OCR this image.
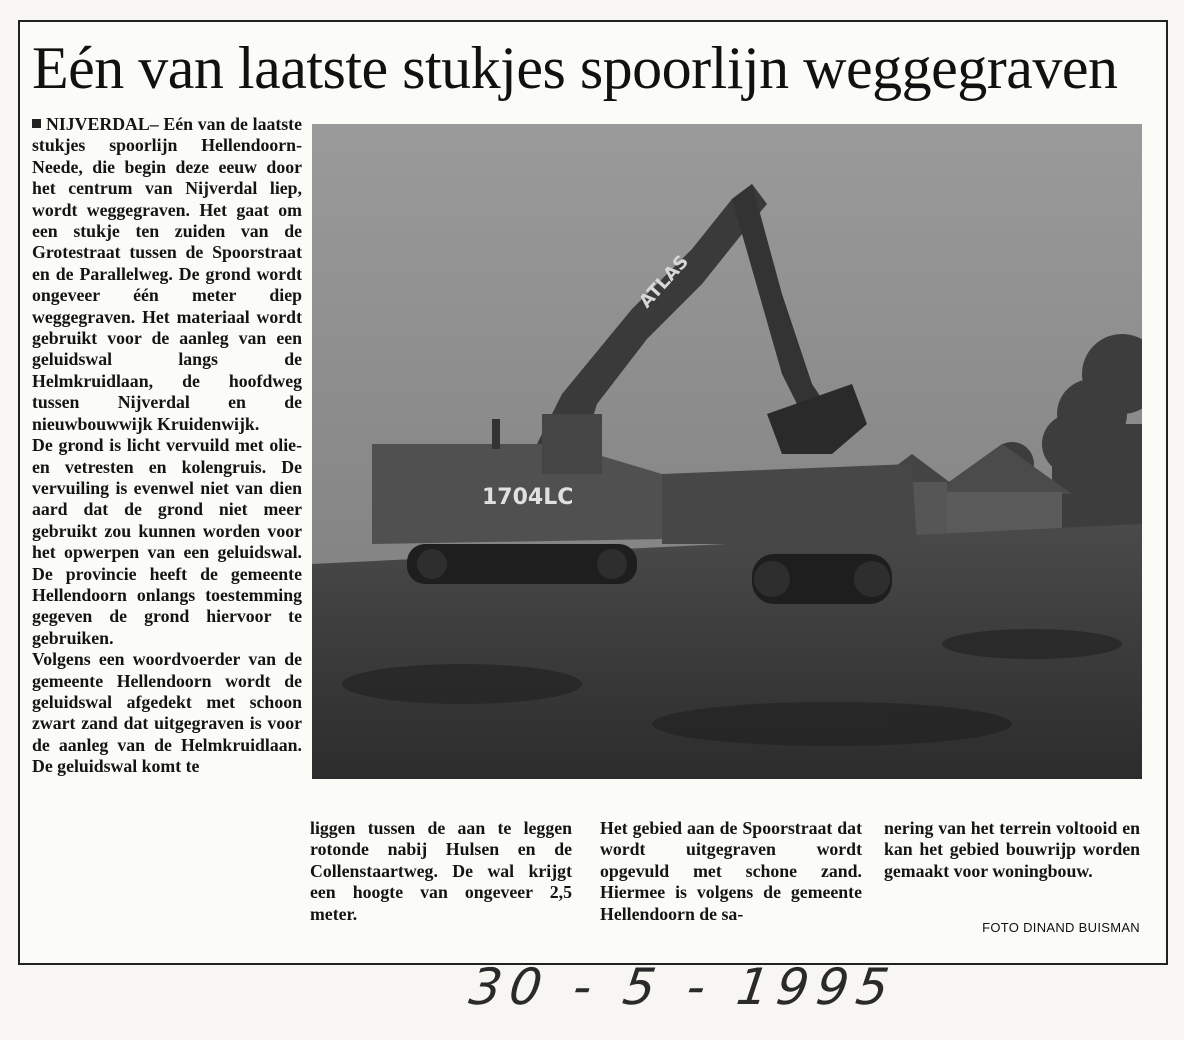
Eén van laatste stukjes spoorlijn weggegraven

NIJVERDAL– Eén van de laatste stukjes spoorlijn Hellendoorn-Neede, die begin deze eeuw door het centrum van Nijverdal liep, wordt weggegraven. Het gaat om een stukje ten zuiden van de Grotestraat tussen de Spoorstraat en de Parallelweg. De grond wordt ongeveer één meter diep weggegraven. Het materiaal wordt gebruikt voor de aanleg van een geluidswal langs de Helmkruidlaan, de hoofdweg tussen Nijverdal en de nieuwbouwwijk Kruidenwijk.

De grond is licht vervuild met olie- en vetresten en kolengruis. De vervuiling is evenwel niet van dien aard dat de grond niet meer gebruikt zou kunnen worden voor het opwerpen van een geluidswal. De provincie heeft de gemeente Hellendoorn onlangs toestemming gegeven de grond hiervoor te gebruiken.

Volgens een woordvoerder van de gemeente Hellendoorn wordt de geluidswal afgedekt met schoon zwart zand dat uitgegraven is voor de aanleg van de Helmkruidlaan. De geluidswal komt te

ATLAS
1704LC
liggen tussen de aan te leggen rotonde nabij Hulsen en de Collenstaartweg. De wal krijgt een hoogte van ongeveer 2,5 meter.
Het gebied aan de Spoorstraat dat wordt uitgegraven wordt opgevuld met schone zand. Hiermee is volgens de gemeente Hellendoorn de sa-
nering van het terrein voltooid en kan het gebied bouwrijp worden gemaakt voor woningbouw.
FOTO DINAND BUISMAN
30 - 5 - 1995
